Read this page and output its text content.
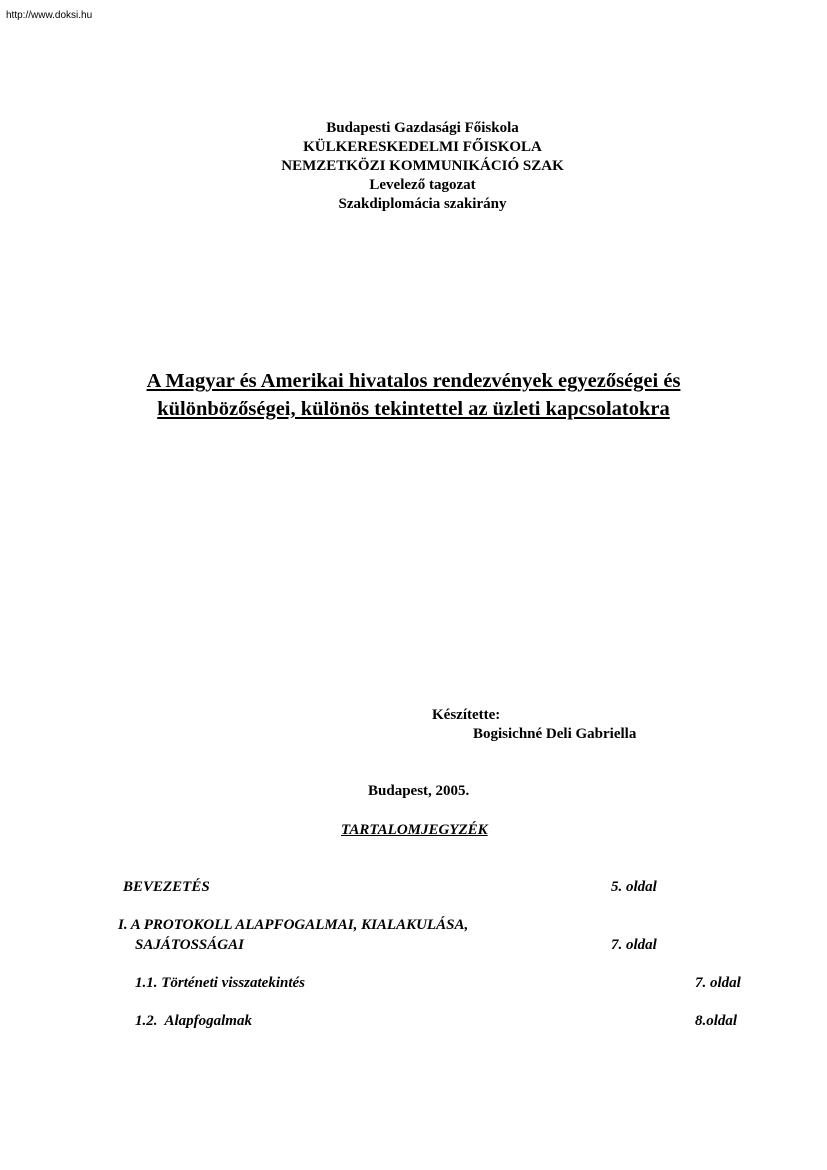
http://www.doksi.hu
Budapesti Gazdasági Főiskola
KÜLKERESKEDELMI FŐISKOLA
NEMZETKÖZI KOMMUNIKÁCIÓ SZAK
Levelező tagozat
Szakdiplomácia szakirány
A Magyar és Amerikai hivatalos rendezvények egyezőségei és
különbözőségei, különös tekintettel az üzleti kapcsolatokra
Készítette:
Bogisichné Deli Gabriella
Budapest, 2005.
TARTALOMJEGYZÉK
BEVEZETÉS	5. oldal
I. A PROTOKOLL ALAPFOGALMAI, KIALAKULÁSA,
SAJÁTOSSÁGAI	7. oldal
1.1. Történeti visszatekintés	7. oldal
1.2.  Alapfogalmak	8.oldal
